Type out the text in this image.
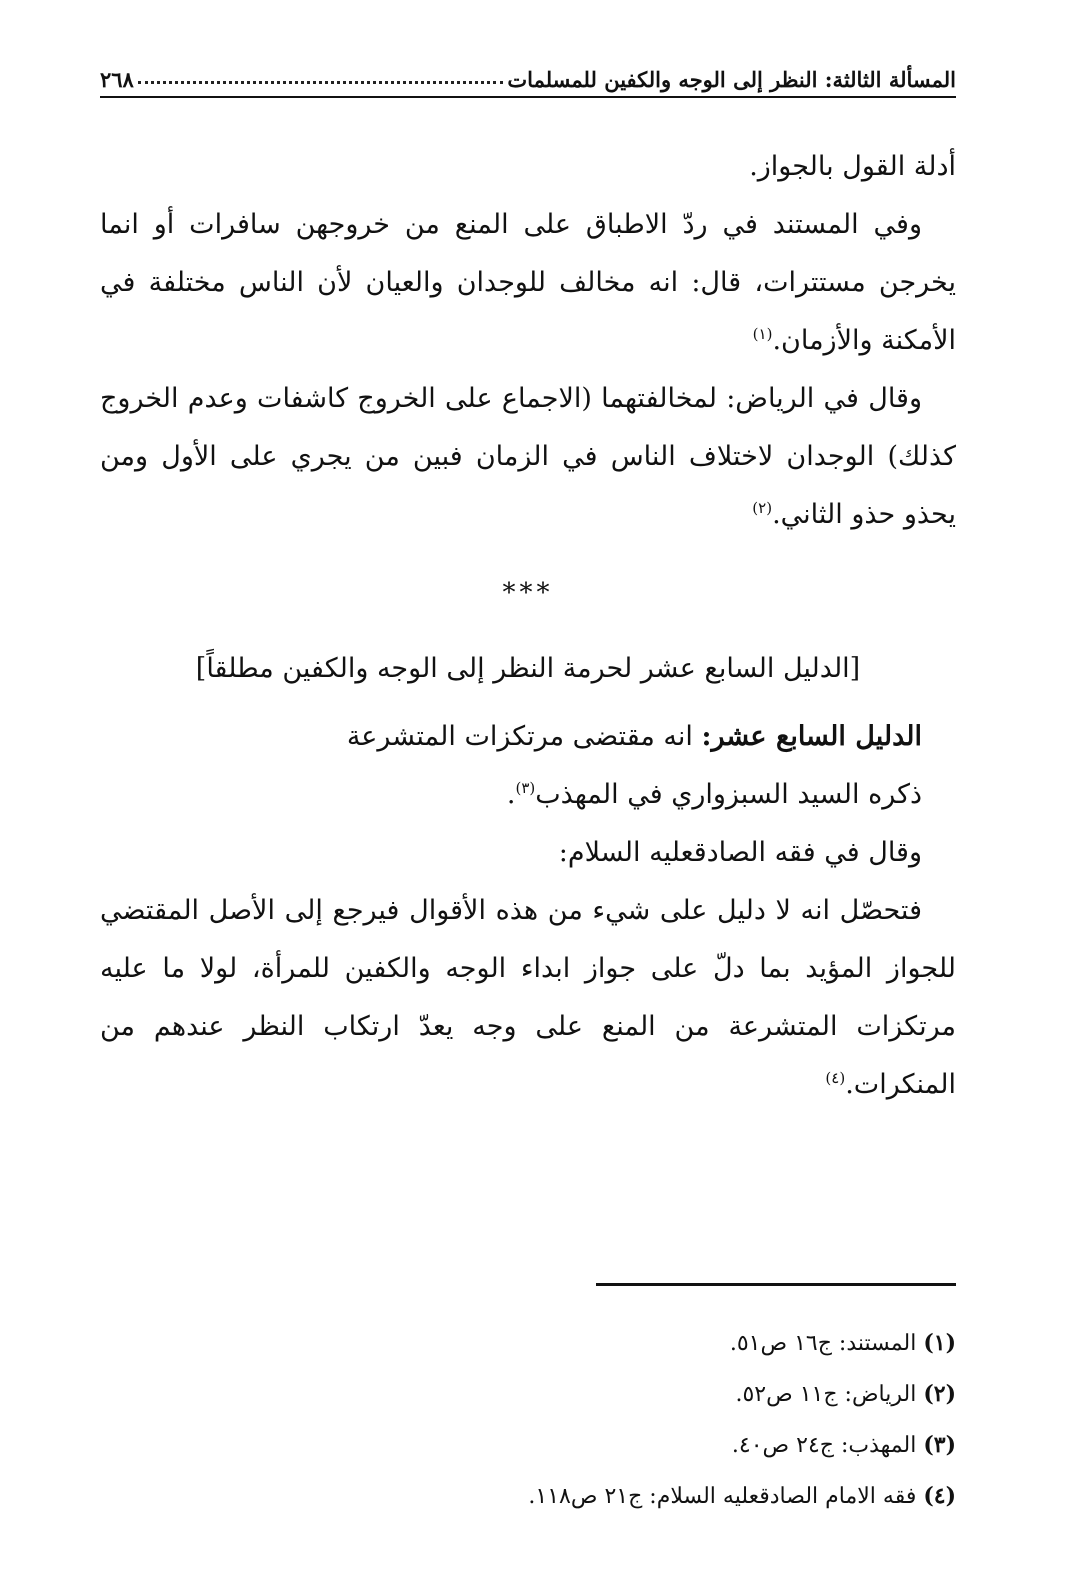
المسألة الثالثة: النظر إلى الوجه والكفين للمسلمات
٢٦٨

أدلة القول بالجواز.

وفي المستند في ردّ الاطباق على المنع من خروجهن سافرات أو انما يخرجن مستترات، قال: انه مخالف للوجدان والعيان لأن الناس مختلفة في الأمكنة والأزمان.$^{(١)}$

وقال في الرياض: لمخالفتهما (الاجماع على الخروج كاشفات وعدم الخروج كذلك) الوجدان لاختلاف الناس في الزمان فبين من يجري على الأول ومن يحذو حذو الثاني.$^{(٢)}$

***
[الدليل السابع عشر لحرمة النظر إلى الوجه والكفين مطلقاً]

الدليل السابع عشر: انه مقتضى مرتكزات المتشرعة

ذكره السيد السبزواري في المهذب$^{(٣)}$.

وقال في فقه الصادقعليه السلام:

فتحصّل انه لا دليل على شيء من هذه الأقوال فيرجع إلى الأصل المقتضي للجواز المؤيد بما دلّ على جواز ابداء الوجه والكفين للمرأة، لولا ما عليه مرتكزات المتشرعة من المنع على وجه يعدّ ارتكاب النظر عندهم من المنكرات.$^{(٤)}$

(١) المستند: ج١٦ ص٥١.

(٢) الرياض: ج١١ ص٥٢.

(٣) المهذب: ج٢٤ ص٤٠.

(٤) فقه الامام الصادقعليه السلام: ج٢١ ص١١٨.
